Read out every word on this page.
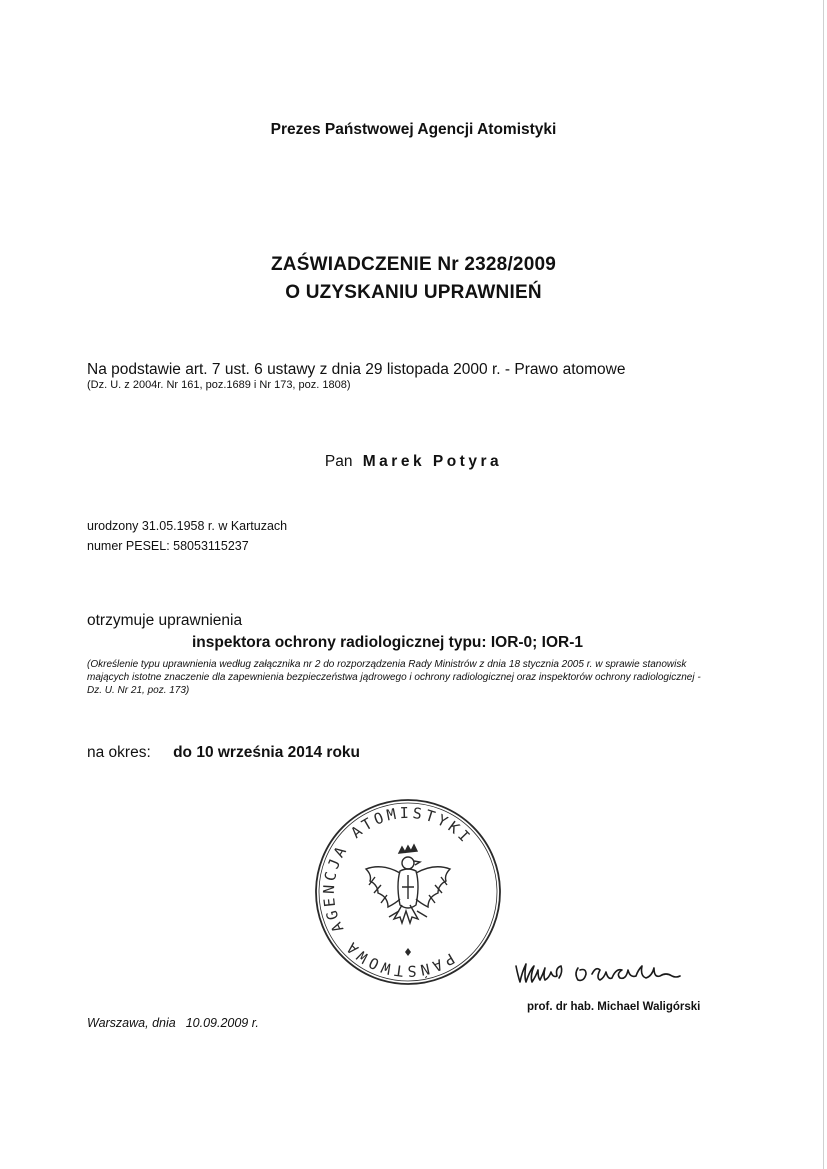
Prezes Państwowej Agencji Atomistyki
ZAŚWIADCZENIE Nr 2328/2009
O UZYSKANIU UPRAWNIEŃ
Na podstawie art. 7 ust. 6 ustawy z dnia 29 listopada 2000 r. - Prawo atomowe
(Dz. U. z 2004r. Nr 161, poz.1689 i Nr 173, poz. 1808)
Pan Marek Potyra
urodzony 31.05.1958 r. w Kartuzach
numer PESEL: 58053115237
otrzymuje uprawnienia
inspektora ochrony radiologicznej typu: IOR-0; IOR-1
(Określenie typu uprawnienia według załącznika nr 2 do rozporządzenia Rady Ministrów z dnia 18 stycznia 2005 r. w sprawie stanowisk mających istotne znaczenie dla zapewnienia bezpieczeństwa jądrowego i ochrony radiologicznej oraz inspektorów ochrony radiologicznej - Dz. U. Nr 21, poz. 173)
na okres: do 10 września 2014 roku
PAŃSTWOWA AGENCJA ATOMISTYKI
prof. dr hab. Michael Waligórski
Warszawa, dnia 10.09.2009 r.
